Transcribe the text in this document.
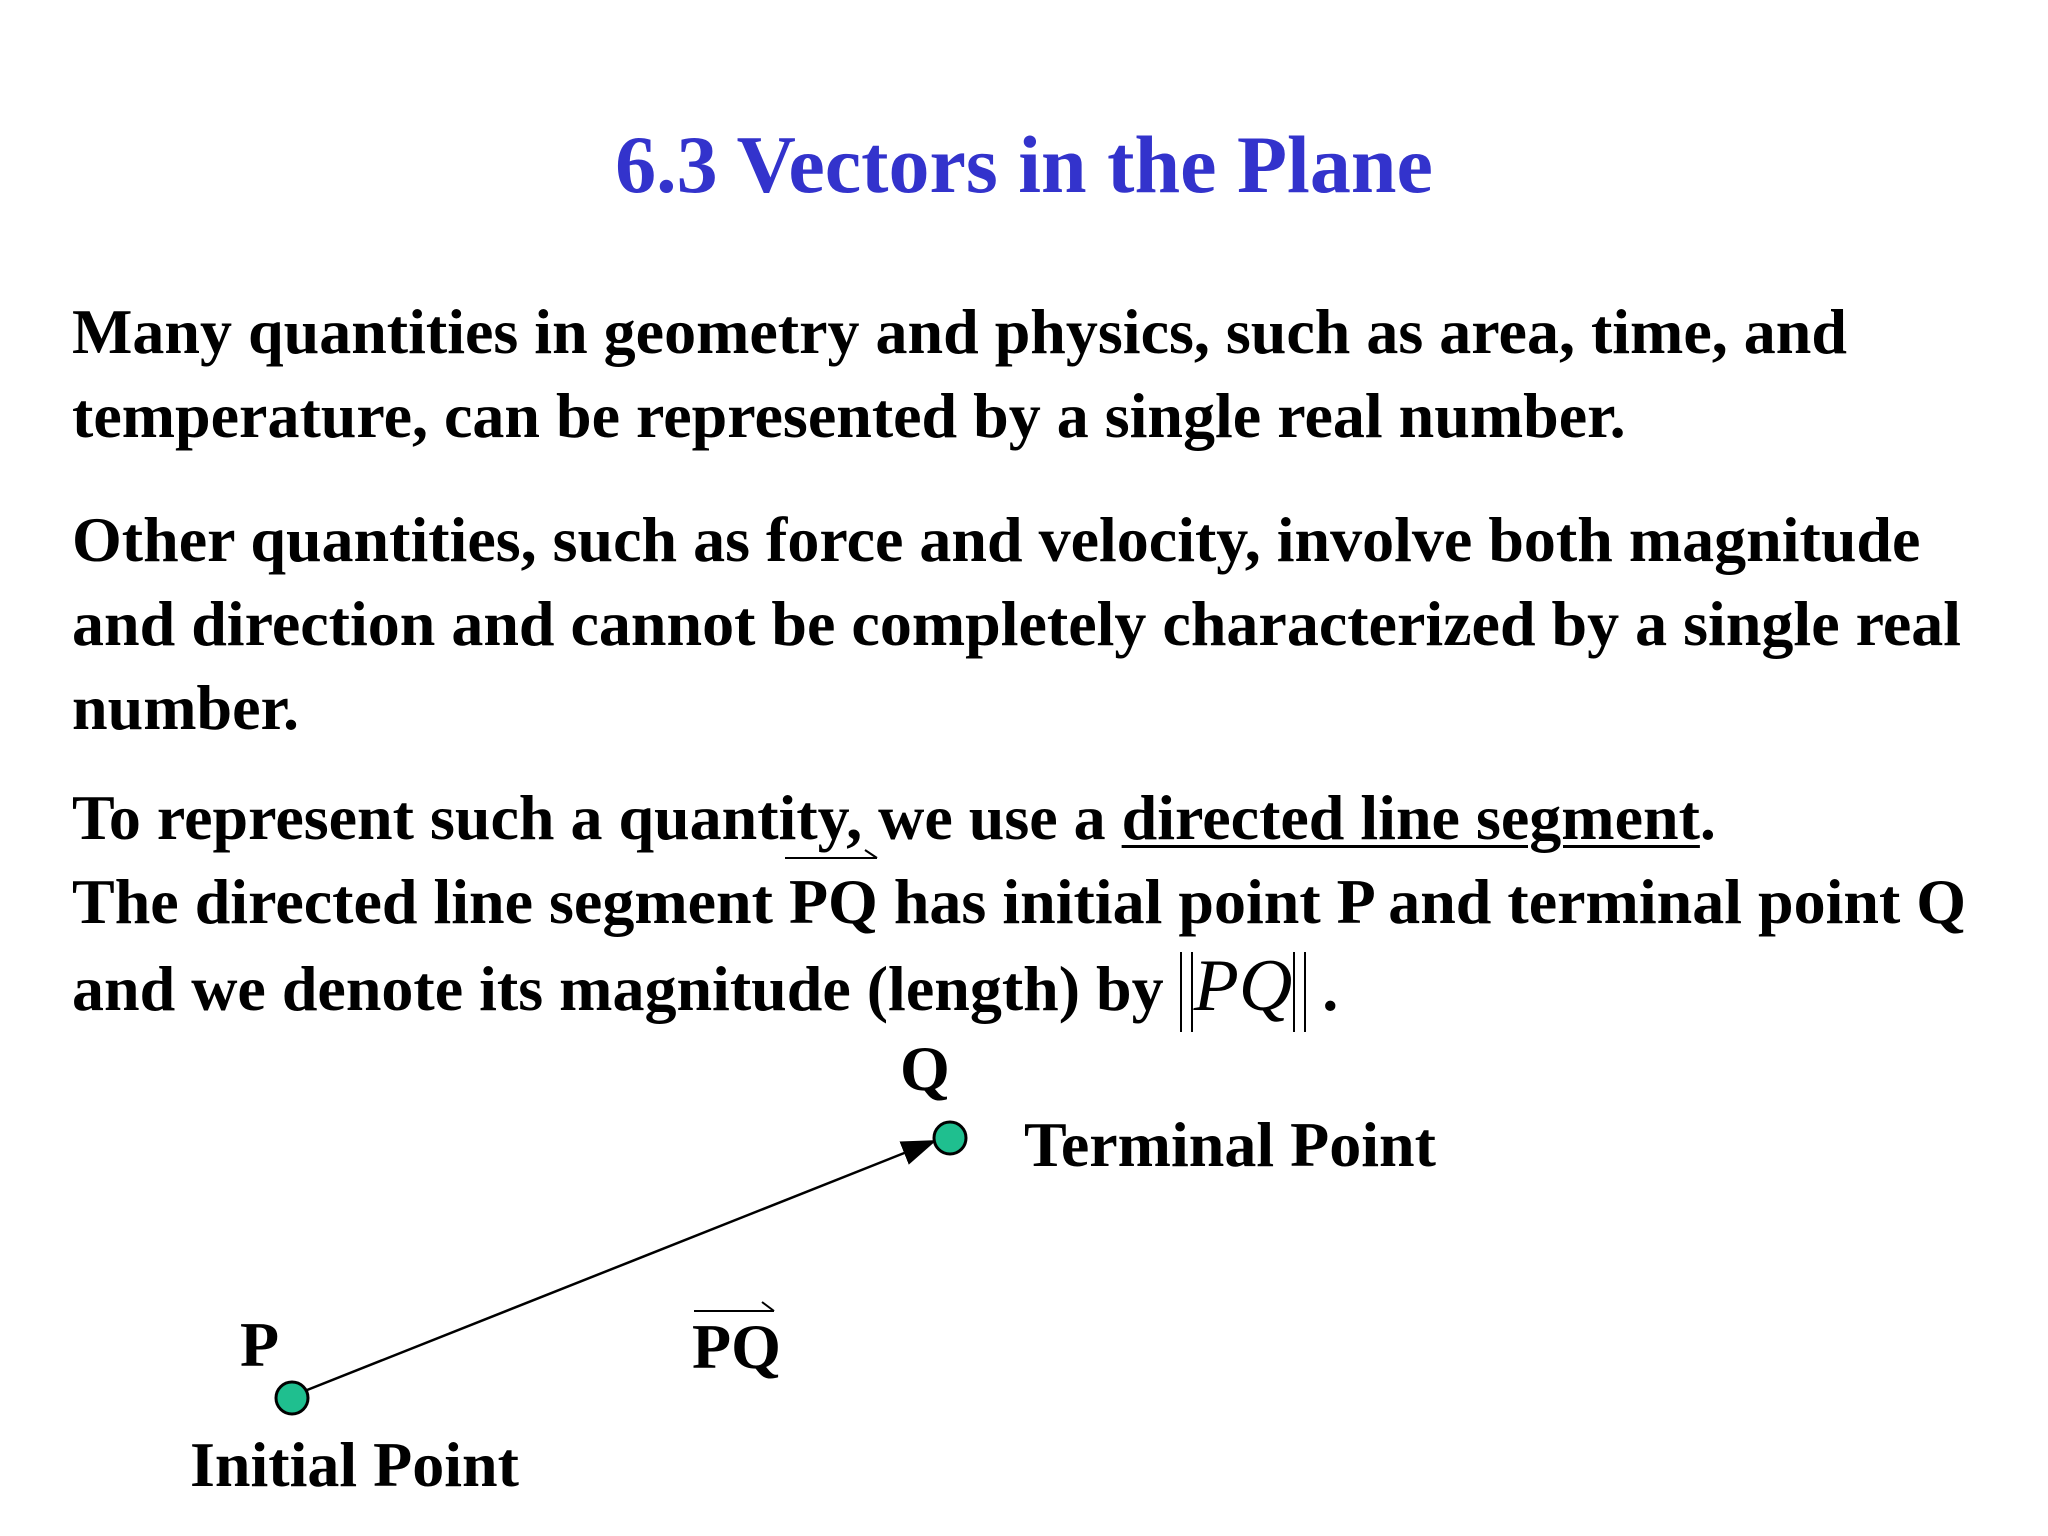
6.3 Vectors in the Plane

Many quantities in geometry and physics, such as area, time, and temperature, can be represented by a single real number.

Other quantities, such as force and velocity, involve both magnitude and direction and cannot be completely characterized by a single real number.

To represent such a quantity, we use a directed line segment.
The directed line segment
PQ has initial point P and terminal point Q and we denote its magnitude (length) by PQ .

Q

Terminal Point

P	PQ

Initial Point
